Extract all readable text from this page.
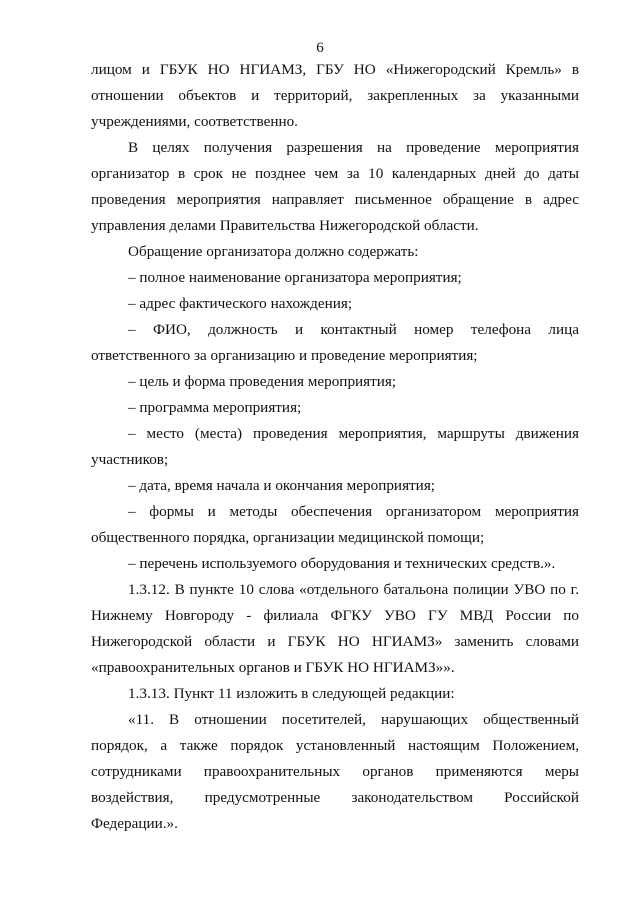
6

лицом и ГБУК НО НГИАМЗ, ГБУ НО «Нижегородский Кремль» в отношении объектов и территорий, закрепленных за указанными учреждениями, соответственно.

В целях получения разрешения на проведение мероприятия организатор в срок не позднее чем за 10 календарных дней до даты проведения мероприятия направляет письменное обращение в адрес управления делами Правительства Нижегородской области.

Обращение организатора должно содержать:

– полное наименование организатора мероприятия;

– адрес фактического нахождения;

– ФИО, должность и контактный номер телефона лица ответственного за организацию и проведение мероприятия;

– цель и форма проведения мероприятия;

– программа мероприятия;

– место (места) проведения мероприятия, маршруты движения участников;

– дата, время начала и окончания мероприятия;

– формы и методы обеспечения организатором мероприятия общественного порядка, организации медицинской помощи;

– перечень используемого оборудования и технических средств.».

1.3.12. В пункте 10 слова «отдельного батальона полиции УВО по г. Нижнему Новгороду - филиала ФГКУ УВО ГУ МВД России по Нижегородской области и ГБУК НО НГИАМЗ» заменить словами «правоохранительных органов и ГБУК НО НГИАМЗ»».

1.3.13. Пункт 11 изложить в следующей редакции:

«11. В отношении посетителей, нарушающих общественный порядок, а также порядок установленный настоящим Положением, сотрудниками правоохранительных органов применяются меры воздействия, предусмотренные законодательством Российской Федерации.».
